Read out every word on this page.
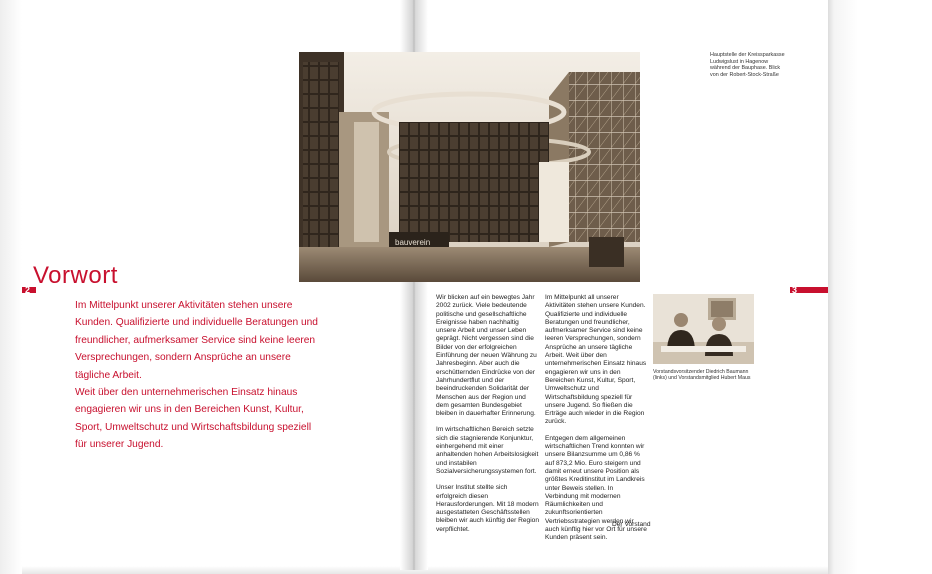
2
Vorwort

Im Mittelpunkt unserer Aktivitäten stehen unsere Kunden. Qualifizierte und individuelle Beratungen und freundlicher, aufmerksamer Service sind keine leeren Versprechungen, sondern Ansprüche an unsere tägliche Arbeit.

Weit über den unternehmerischen Einsatz hinaus engagieren wir uns in den Bereichen Kunst, Kultur, Sport, Umweltschutz und Wirtschaftsbildung speziell für unserer Jugend.

3
bauverein
Hauptstelle der Kreissparkasse Ludwigslust in Hagenow während der Bauphase. Blick von der Robert-Stock-Straße

Wir blicken auf ein bewegtes Jahr 2002 zurück. Viele bedeutende politische und gesellschaftliche Ereignisse haben nachhaltig unsere Arbeit und unser Leben geprägt. Nicht vergessen sind die Bilder von der erfolgreichen Einführung der neuen Währung zu Jahresbeginn. Aber auch die erschütternden Eindrücke von der Jahrhundertflut und der beeindruckenden Solidarität der Menschen aus der Region und dem gesamten Bundesgebiet bleiben in dauerhafter Erinnerung.

Im wirtschaftlichen Bereich setzte sich die stagnierende Konjunktur, einhergehend mit einer anhaltenden hohen Arbeitslosigkeit und instabilen Sozialversicherungssystemen fort.

Unser Institut stellte sich erfolgreich diesen Herausforderungen. Mit 18 modern ausgestatteten Geschäftsstellen bleiben wir auch künftig der Region verpflichtet.

Im Mittelpunkt all unserer Aktivitäten stehen unsere Kunden. Qualifizierte und individuelle Beratungen und freundlicher, aufmerksamer Service sind keine leeren Versprechungen, sondern Ansprüche an unsere tägliche Arbeit. Weit über den unternehmerischen Einsatz hinaus engagieren wir uns in den Bereichen Kunst, Kultur, Sport, Umweltschutz und Wirtschaftsbildung speziell für unsere Jugend. So fließen die Erträge auch wieder in die Region zurück.

Entgegen dem allgemeinen wirtschaftlichen Trend konnten wir unsere Bilanzsumme um 0,86 % auf 873,2 Mio. Euro steigern und damit erneut unsere Position als größtes Kreditinstitut im Landkreis unter Beweis stellen. In Verbindung mit modernen Räumlichkeiten und zukunftsorientierten Vertriebsstrategien werden wir auch künftig hier vor Ort für unsere Kunden präsent sein.

Der Vorstand
Vorstandsvorsitzender Diedrich Baumann (links) und Vorstandsmitglied Hubert Maus
